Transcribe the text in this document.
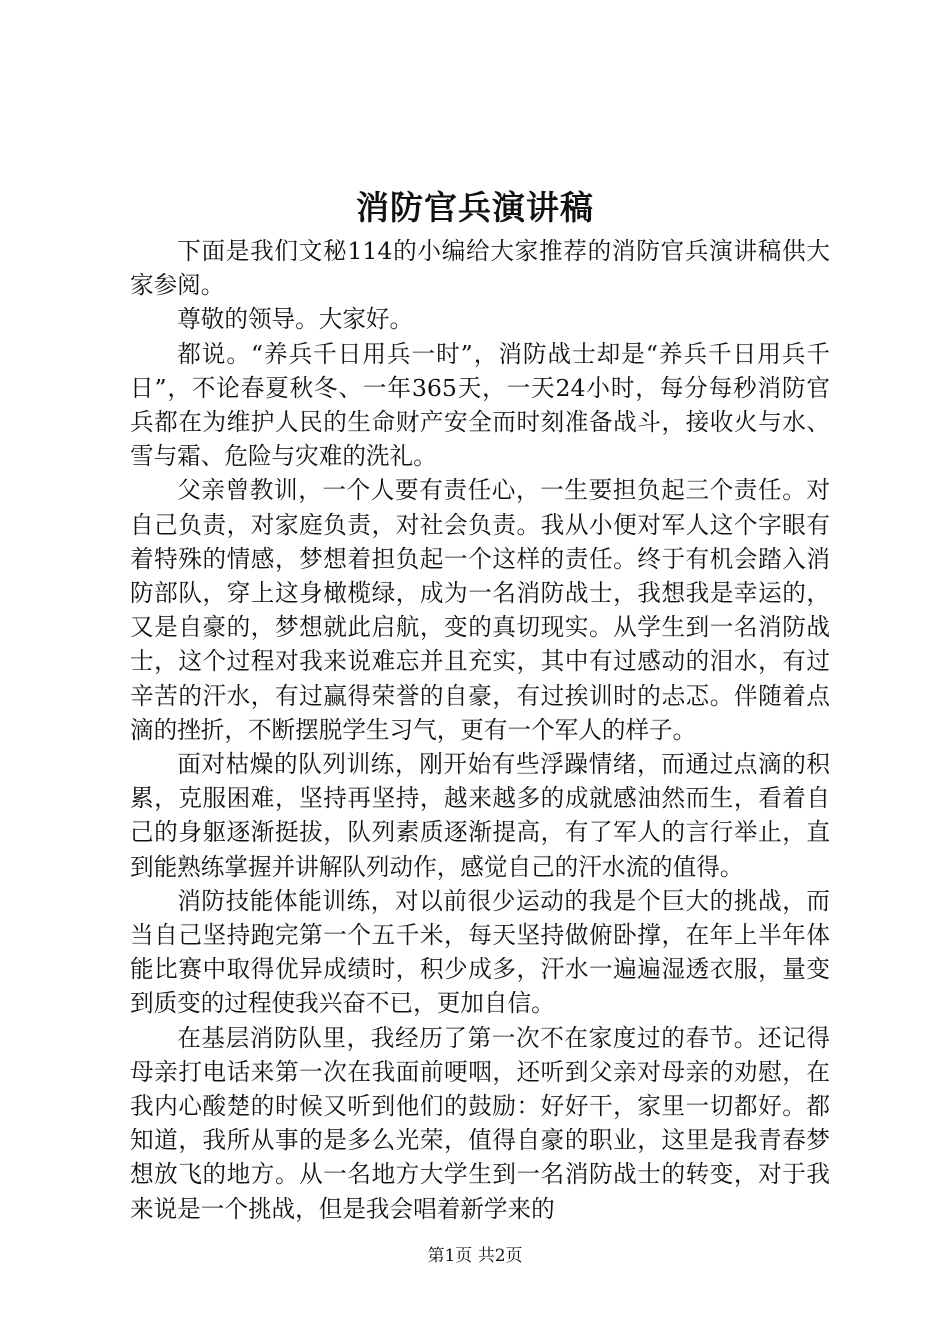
消防官兵演讲稿

下面是我们文秘114的小编给大家推荐的消防官兵演讲稿供大家参阅。

尊敬的领导。大家好。

都说。“养兵千日用兵一时”，消防战士却是“养兵千日用兵千日”，不论春夏秋冬、一年365天，一天24小时，每分每秒消防官兵都在为维护人民的生命财产安全而时刻准备战斗，接收火与水、雪与霜、危险与灾难的洗礼。

父亲曾教训，一个人要有责任心，一生要担负起三个责任。对自己负责，对家庭负责，对社会负责。我从小便对军人这个字眼有着特殊的情感，梦想着担负起一个这样的责任。终于有机会踏入消防部队，穿上这身橄榄绿，成为一名消防战士，我想我是幸运的，又是自豪的，梦想就此启航，变的真切现实。从学生到一名消防战士，这个过程对我来说难忘并且充实，其中有过感动的泪水，有过辛苦的汗水，有过赢得荣誉的自豪，有过挨训时的忐忑。伴随着点滴的挫折，不断摆脱学生习气，更有一个军人的样子。

面对枯燥的队列训练，刚开始有些浮躁情绪，而通过点滴的积累，克服困难，坚持再坚持，越来越多的成就感油然而生，看着自己的身躯逐渐挺拔，队列素质逐渐提高，有了军人的言行举止，直到能熟练掌握并讲解队列动作，感觉自己的汗水流的值得。

消防技能体能训练，对以前很少运动的我是个巨大的挑战，而当自己坚持跑完第一个五千米，每天坚持做俯卧撑，在年上半年体能比赛中取得优异成绩时，积少成多，汗水一遍遍湿透衣服，量变到质变的过程使我兴奋不已，更加自信。

在基层消防队里，我经历了第一次不在家度过的春节。还记得母亲打电话来第一次在我面前哽咽，还听到父亲对母亲的劝慰，在我内心酸楚的时候又听到他们的鼓励：好好干，家里一切都好。都知道，我所从事的是多么光荣，值得自豪的职业，这里是我青春梦想放飞的地方。从一名地方大学生到一名消防战士的转变，对于我来说是一个挑战，但是我会唱着新学来的

第1页 共2页
